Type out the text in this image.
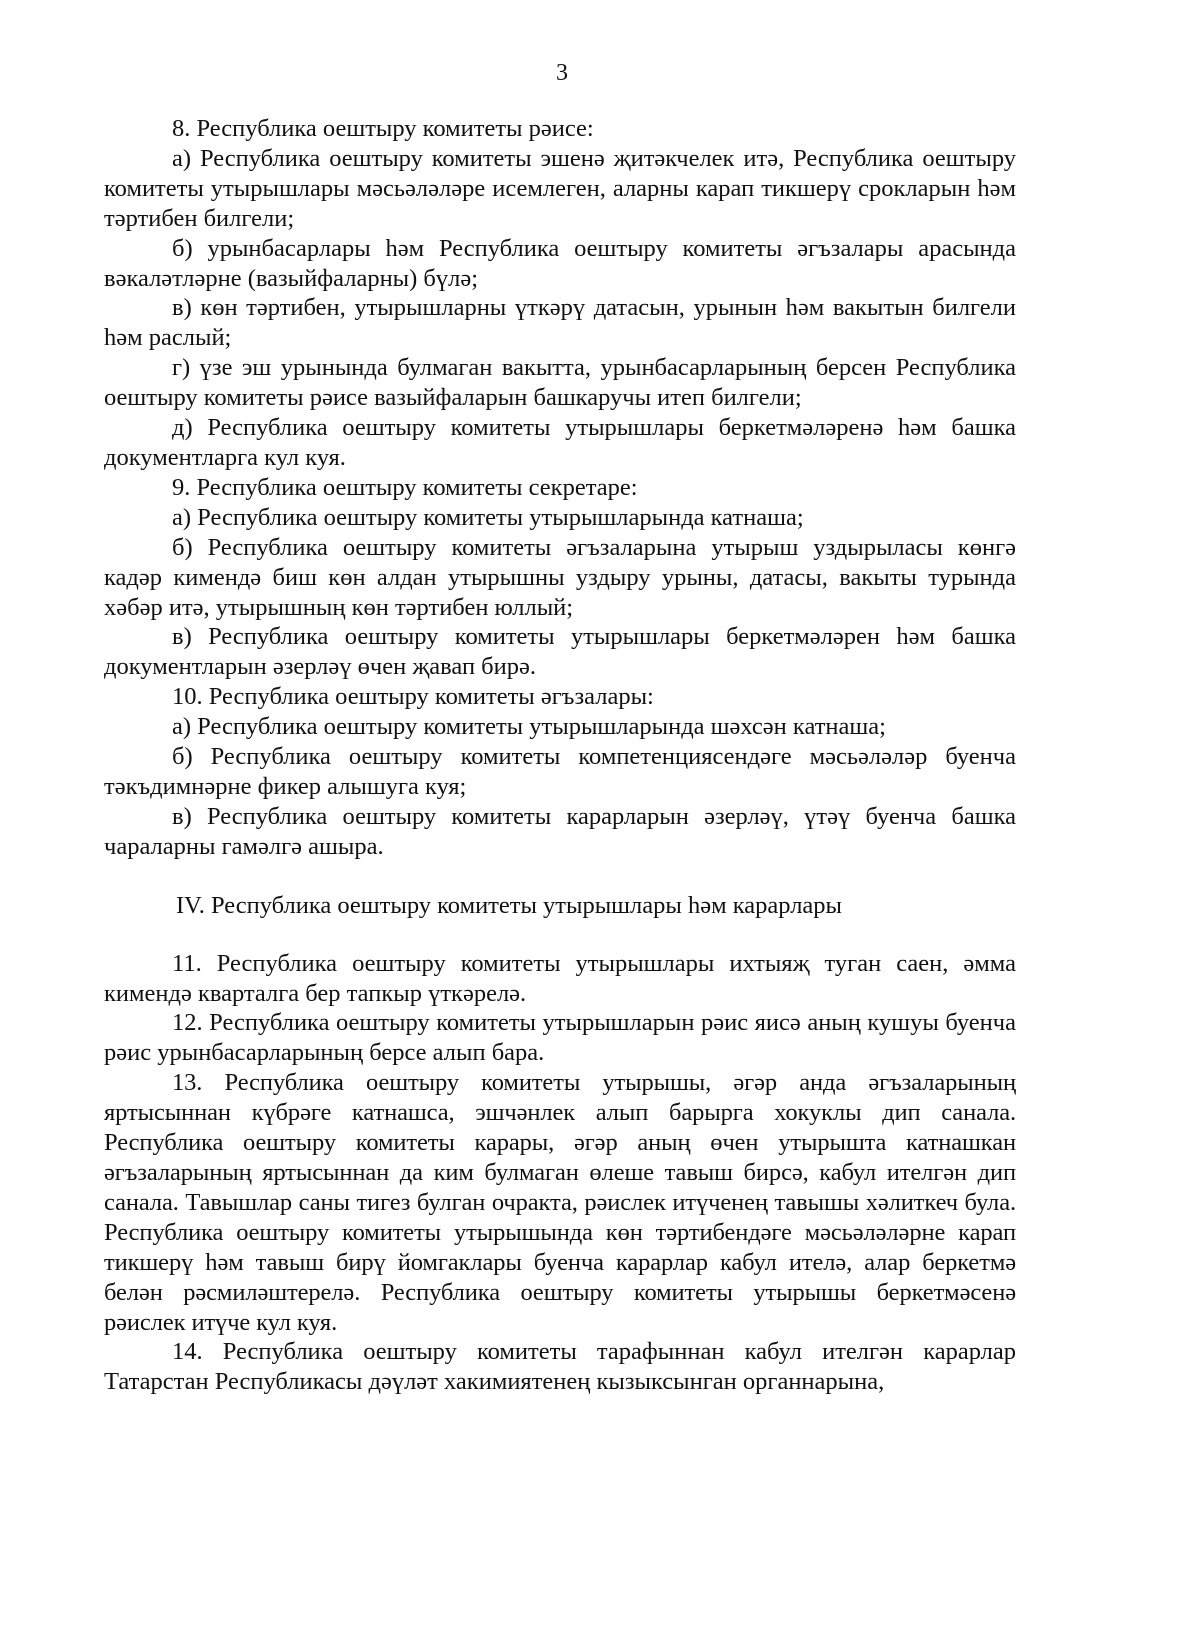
3

8. Республика оештыру комитеты рәисе:

а) Республика оештыру комитеты эшенә җитәкчелек итә, Республика оештыру комитеты утырышлары мәсьәләләре исемлеген, аларны карап тикшерү срокларын һәм тәртибен билгели;

б) урынбасарлары һәм Республика оештыру комитеты әгъзалары арасында вәкаләтләрне (вазыйфаларны) бүлә;

в) көн тәртибен, утырышларны үткәрү датасын, урынын һәм вакытын билгели һәм раслый;

г) үзе эш урынында булмаган вакытта, урынбасарларының берсен Республика оештыру комитеты рәисе вазыйфаларын башкаручы итеп билгели;

д) Республика оештыру комитеты утырышлары беркетмәләренә һәм башка документларга кул куя.

9. Республика оештыру комитеты секретаре:

а) Республика оештыру комитеты утырышларында катнаша;

б) Республика оештыру комитеты әгъзаларына утырыш уздырыласы көнгә кадәр кимендә биш көн алдан утырышны уздыру урыны, датасы, вакыты турында хәбәр итә, утырышның көн тәртибен юллый;

в) Республика оештыру комитеты утырышлары беркетмәләрен һәм башка документларын әзерләү өчен җавап бирә.

10. Республика оештыру комитеты әгъзалары:

а) Республика оештыру комитеты утырышларында шәхсән катнаша;

б) Республика оештыру комитеты компетенциясендәге мәсьәләләр буенча тәкъдимнәрне фикер алышуга куя;

в) Республика оештыру комитеты карарларын әзерләү, үтәү буенча башка чараларны гамәлгә ашыра.

IV. Республика оештыру комитеты утырышлары һәм карарлары

11. Республика оештыру комитеты утырышлары ихтыяҗ туган саен, әмма кимендә кварталга бер тапкыр үткәрелә.

12. Республика оештыру комитеты утырышларын рәис яисә аның кушуы буенча рәис урынбасарларының берсе алып бара.

13. Республика оештыру комитеты утырышы, әгәр анда әгъзаларының яртысыннан күбрәге катнашса, эшчәнлек алып барырга хокуклы дип санала. Республика оештыру комитеты карары, әгәр аның өчен утырышта катнашкан әгъзаларының яртысыннан да ким булмаган өлеше тавыш бирсә, кабул ителгән дип санала. Тавышлар саны тигез булган очракта, рәислек итүченең тавышы хәлиткеч була. Республика оештыру комитеты утырышында көн тәртибендәге мәсьәләләрне карап тикшерү һәм тавыш бирү йомгаклары буенча карарлар кабул ителә, алар беркетмә белән рәсмиләштерелә. Республика оештыру комитеты утырышы беркетмәсенә рәислек итүче кул куя.

14. Республика оештыру комитеты тарафыннан кабул ителгән карарлар Татарстан Республикасы дәүләт хакимиятенең кызыксынган органнарына,
